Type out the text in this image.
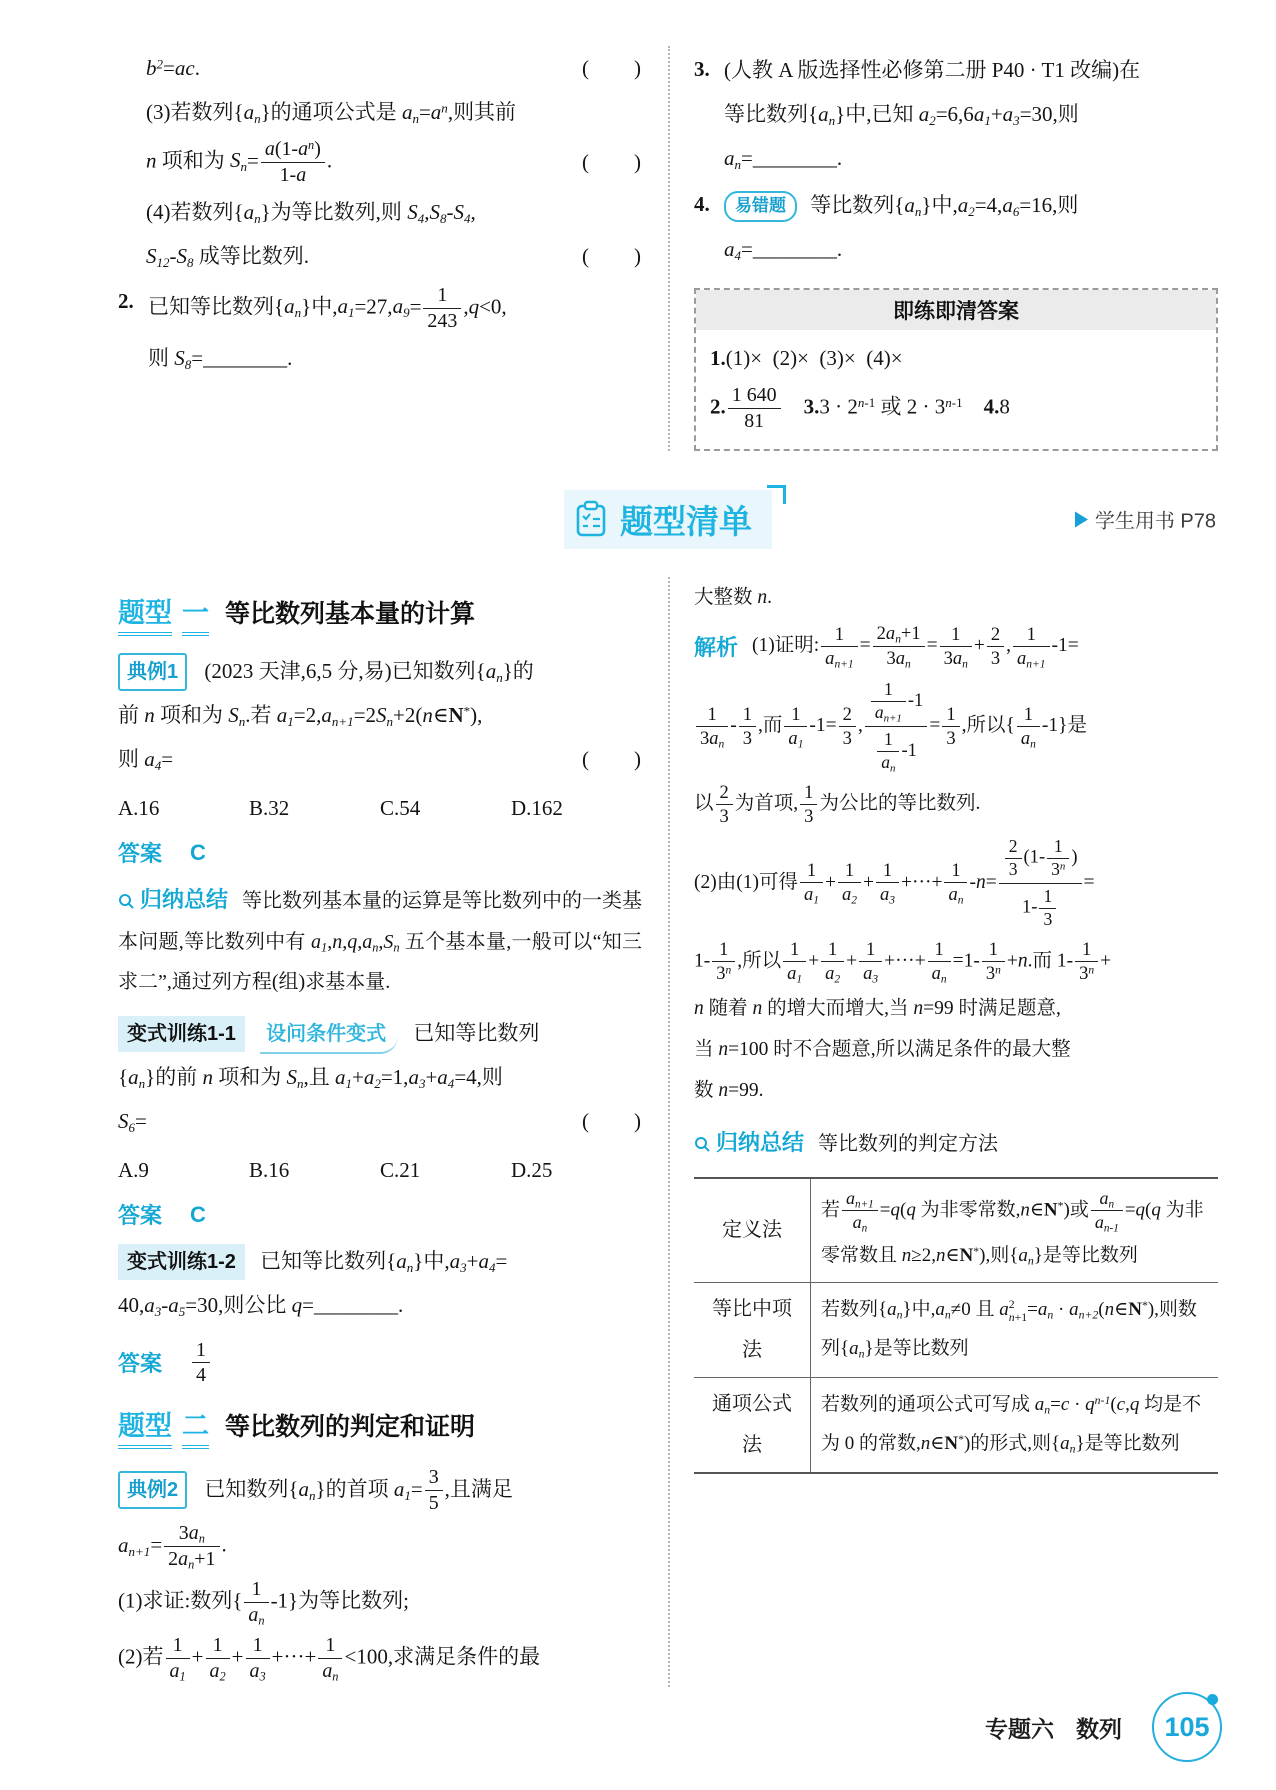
$b^2=ac$.	(  )
(3)若数列$\{a_n\}$的通项公式是 $a_n=a^n$,则其前
n 项和为 $S_n= \frac{a(1-a^n)}{1-a}$ .	(  )
(4)若数列$\{a_n\}$为等比数列,则 $S_4,S_8-S_4$,
$S_{12}-S_8$ 成等比数列.	(  )
2. 已知等比数列$\{a_n\}$中$,a_1=27,a_9= \frac{1}{243} ,q<0$,
则 $S_8=\_\_\_\_\_\_\_\_$.
3. (人教 A 版选择性必修第二册 P40 · T1 改编)在
等比数列$\{a_n\}$中,已知 $a_2=6,6a_1+a_3=30$,则
$a_n=\_\_\_\_\_\_\_\_$.
4.	易错题 等比数列$\{a_n\}$中$,a_2=4,a_6=16$,则
$a_4=\_\_\_\_\_\_\_\_$.
即练即清答案
1.(1)× (2)× (3)× (4)×
2. $\frac{1 640}{81}$
  $3.3 \cdot 2^{n-1}$ 或 $2 \cdot 3^{n-1}$  4.8
题型清单	学生用书 P78
题型 一 等比数列基本量的计算
典例1 (2023 天津,6,5 分,易)已知数列$\{a_n\}$的
前 n 项和为 $S_n$.若 $a_1=2,a_{n+1}=2S_n+2(n\in N^*)$,
则 $a_4=$	(  )
A.16	B.32	C.54	D.162
答案 C

归纳总结 等比数列基本量的运算是等比数列中的一类基本问题,等比数列中有 $a_1,n,q,a_n,S_n$ 五个基本量,一般可以“知三求二”,通过列方程(组)求基本量.

变式训练1-1 设问条件变式 已知等比数列
$\{a_n\}$的前 n 项和为 $S_n$,且 $a_1+a_2=1,a_3+a_4=4$,则
$S_6=$	(  )
A.9	B.16	C.21	D.25
答案 C
变式训练1-2 已知等比数列$\{a_n\}$中$,a_3+a_4=$
$40,a_3-a_5=30$,则公比 q=________.
答案 $\frac{1}{4}$
题型 二 等比数列的判定和证明
典例2 已知数列$\{a_n\}$的首项 $a_1= \frac{3}{5}$ ,且满足
$a_{n+1}= \frac{3a_n}{2a_n+1}$ .
(1)求证:数列{ $\frac{1}{a_n} -1$}为等比数列;
(2)若 $\frac{1}{a_1} + \frac{1}{a_2} + \frac{1}{a_3}$ +···+ $\frac{1}{a_n} <100$,求满足条件的最
大整数 n.
解析 (1)证明: $\frac{1}{a_{n+1}} = \frac{2a_n+1}{3a_n} = \frac{1}{3a_n} + \frac{2}{3}$ , $\frac{1}{a_{n+1}} -1=$
$\frac{1}{3a_n} - \frac{1}{3}$ ,而 $\frac{1}{a_1} -1= \frac{2}{3}$ , $\frac{\frac{1}{a_{n+1}} -1}{\frac{1}{a_n} -1} = \frac{1}{3}$ ,所以{ $\frac{1}{a_n} -1$}是
以 $\frac{2}{3}$ 为首项, $\frac{1}{3}$ 为公比的等比数列.
(2)由(1)可得 $\frac{1}{a_1} + \frac{1}{a_2} + \frac{1}{a_3}$ +···+ $\frac{1}{a_n} -n= \frac{\frac{2}{3} (1- \frac{1}{3^n} )}{1- \frac{1}{3}}$ =
$1- \frac{1}{3^n}$ ,所以 $\frac{1}{a_1} + \frac{1}{a_2} + \frac{1}{a_3}$ +···+ $\frac{1}{a_n} =1- \frac{1}{3^n} +n$.而 $1- \frac{1}{3^n}$ +
n 随着 n 的增大而增大,当 n=99 时满足题意,
当 n=100 时不合题意,所以满足条件的最大整
数 n=99.

归纳总结 等比数列的判定方法

定义法	若 $\frac{a_{n+1}}{a_n} =q(q$ 为非零常数,n∈N*)或 $\frac{a_n}{a_{n-1}} =q(q$ 为非零常数且 n≥2,n∈N*),则$\{a_n\}$是等比数列
等比中项法	若数列$\{a_n\}$中$,a_n\ne 0$ 且 a 2
$n+1 =a_n$ · $a_{n+2}(n\in N^*)$,则数列$\{a_n\}$是等比数列
通项公式法	若数列的通项公式可写成 $a_n=c \cdot q^{n-1}(c,q$ 均是不为 0 的常数,n∈N*)的形式,则$\{a_n\}$是等比数列
专题六 数列 105
